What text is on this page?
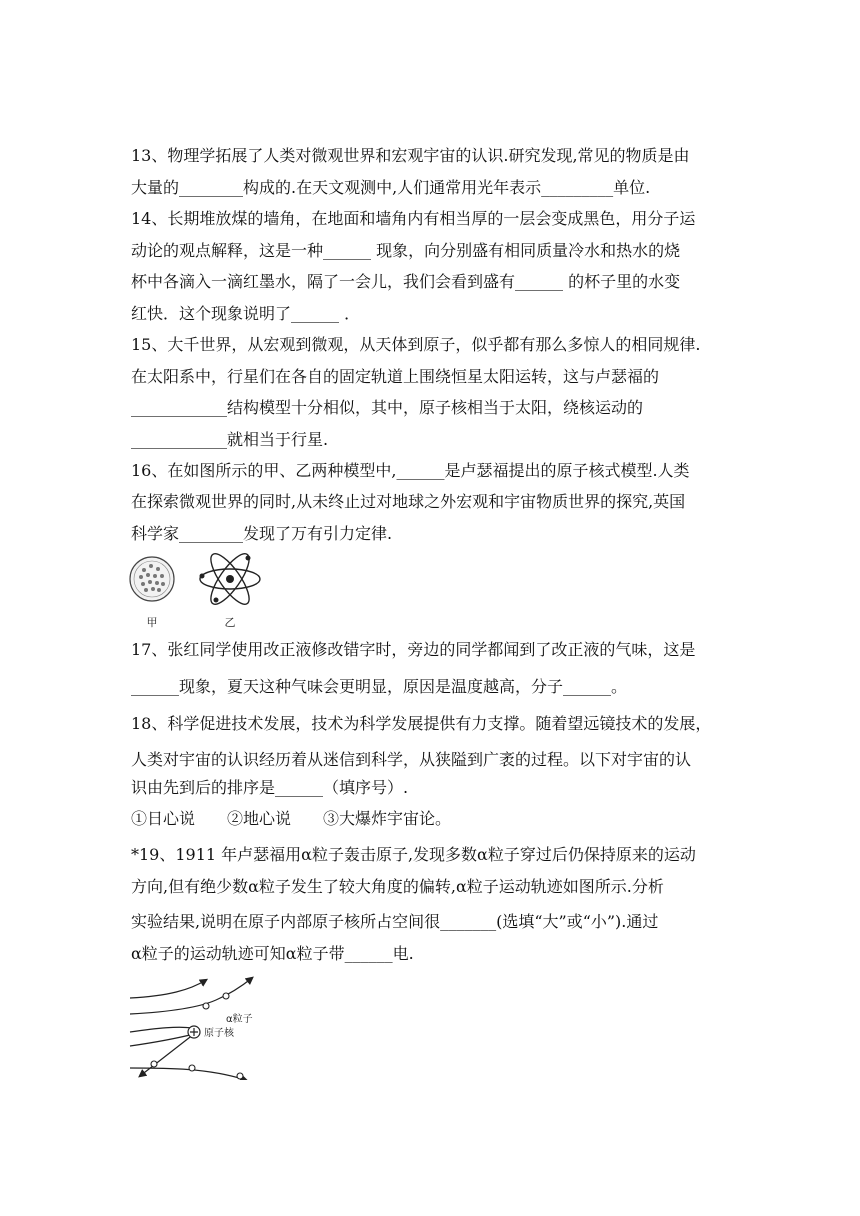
13、物理学拓展了人类对微观世界和宏观宇宙的认识.研究发现,常见的物质是由
大量的________构成的.在天文观测中,人们通常用光年表示_________单位.
14、长期堆放煤的墙角，在地面和墙角内有相当厚的一层会变成黑色，用分子运
动论的观点解释，这是一种______ 现象，向分别盛有相同质量冷水和热水的烧
杯中各滴入一滴红墨水，隔了一会儿，我们会看到盛有______ 的杯子里的水变
红快．这个现象说明了______ ．
15、大千世界，从宏观到微观，从天体到原子，似乎都有那么多惊人的相同规律.
在太阳系中，行星们在各自的固定轨道上围绕恒星太阳运转，这与卢瑟福的
____________结构模型十分相似，其中，原子核相当于太阳，绕核运动的
____________就相当于行星.
16、在如图所示的甲、乙两种模型中,______是卢瑟福提出的原子核式模型.人类
在探索微观世界的同时,从未终止过对地球之外宏观和宇宙物质世界的探究,英国
科学家________发现了万有引力定律.
甲	乙
17、张红同学使用改正液修改错字时，旁边的同学都闻到了改正液的气味，这是
______现象，夏天这种气味会更明显，原因是温度越高，分子______。
18、科学促进技术发展，技术为科学发展提供有力支撑。随着望远镜技术的发展，
人类对宇宙的认识经历着从迷信到科学，从狭隘到广袤的过程。以下对宇宙的认
识由先到后的排序是______（填序号）.
①日心说　　②地心说　　③大爆炸宇宙论。
*19、1911 年卢瑟福用α粒子轰击原子,发现多数α粒子穿过后仍保持原来的运动
方向,但有绝少数α粒子发生了较大角度的偏转,α粒子运动轨迹如图所示.分析
实验结果,说明在原子内部原子核所占空间很_______(选填“大”或“小”).通过
α粒子的运动轨迹可知α粒子带______电.
α粒子
原子核
